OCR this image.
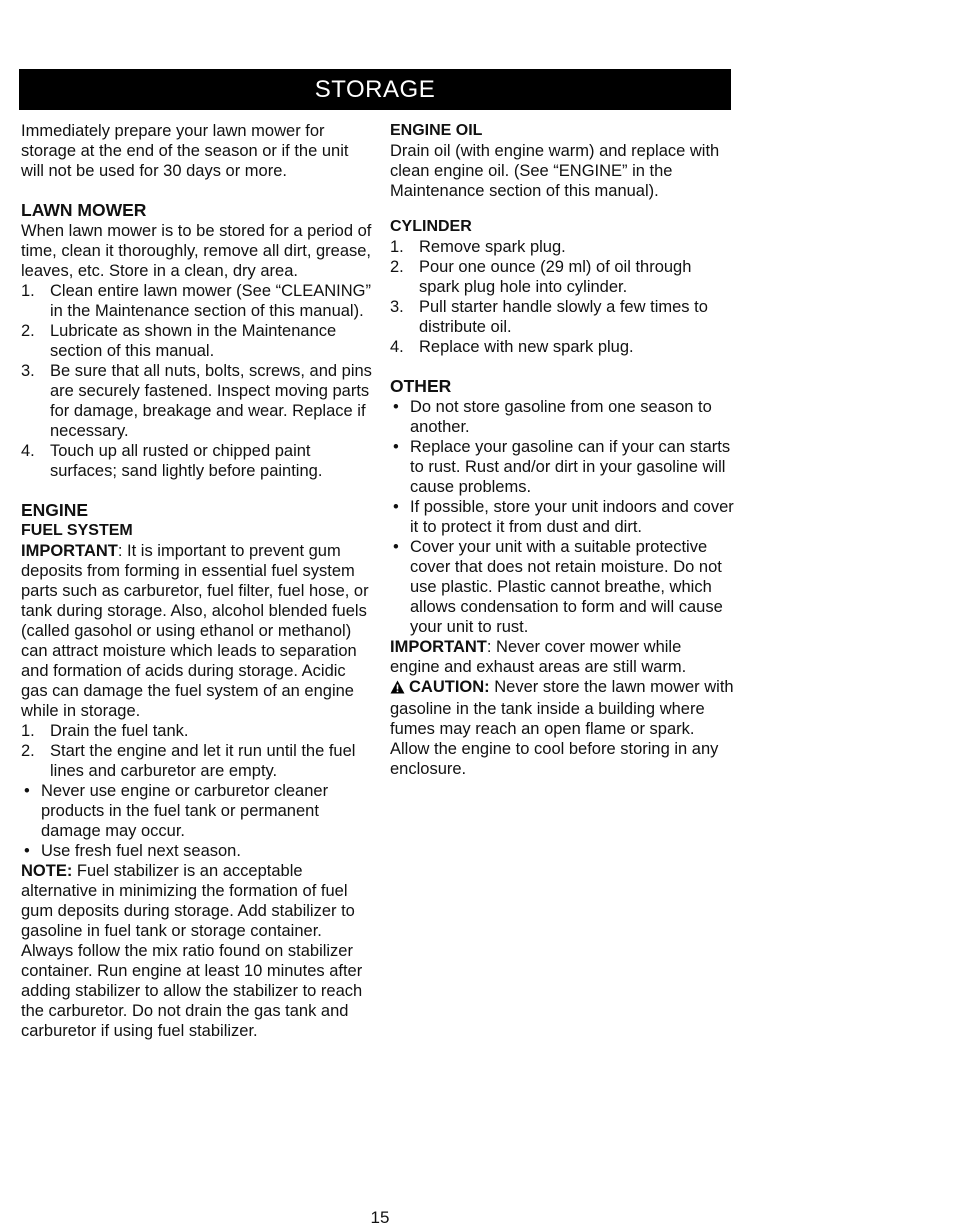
STORAGE

Immediately prepare your lawn mower for storage at the end of the season or if the unit will not be used for 30 days or more.

LAWN MOWER

When lawn mower is to be stored for a period of time, clean it thoroughly, remove all dirt, grease, leaves, etc. Store in a clean, dry area.

1. Clean entire lawn mower (See “CLEANING” in the Maintenance section of this manual).
2. Lubricate as shown in the Maintenance section of this manual.
3. Be sure that all nuts, bolts, screws, and pins are securely fastened. Inspect moving parts for damage, breakage and wear. Replace if necessary.
4. Touch up all rusted or chipped paint surfaces; sand lightly before painting.
ENGINE
FUEL SYSTEM

IMPORTANT: It is important to prevent gum deposits from forming in essential fuel system parts such as carburetor, fuel filter, fuel hose, or tank during storage. Also, alcohol blended fuels (called gasohol or using ethanol or methanol) can attract moisture which leads to separation and formation of acids during storage. Acidic gas can damage the fuel system of an engine while in storage.

1. Drain the fuel tank.
2. Start the engine and let it run until the fuel lines and carburetor are empty.
• Never use engine or carburetor cleaner products in the fuel tank or permanent damage may occur.
• Use fresh fuel next season.

NOTE: Fuel stabilizer is an acceptable alternative in minimizing the formation of fuel gum deposits during storage. Add stabilizer to gasoline in fuel tank or storage container. Always follow the mix ratio found on stabilizer container. Run engine at least 10 minutes after adding stabilizer to allow the stabilizer to reach the carburetor. Do not drain the gas tank and carburetor if using fuel stabilizer.

ENGINE OIL

Drain oil (with engine warm) and replace with clean engine oil. (See “ENGINE” in the Maintenance section of this manual).

CYLINDER
1. Remove spark plug.
2. Pour one ounce (29 ml) of oil through spark plug hole into cylinder.
3. Pull starter handle slowly a few times to distribute oil.
4. Replace with new spark plug.
OTHER
• Do not store gasoline from one season to another.
• Replace your gasoline can if your can starts to rust. Rust and/or dirt in your gasoline will cause problems.
• If possible, store your unit indoors and cover it to protect it from dust and dirt.
• Cover your unit with a suitable protective cover that does not retain moisture. Do not use plastic. Plastic cannot breathe, which allows condensation to form and will cause your unit to rust.

IMPORTANT: Never cover mower while engine and exhaust areas are still warm.

CAUTION: Never store the lawn mower with gasoline in the tank inside a building where fumes may reach an open flame or spark. Allow the engine to cool before storing in any enclosure.

15
